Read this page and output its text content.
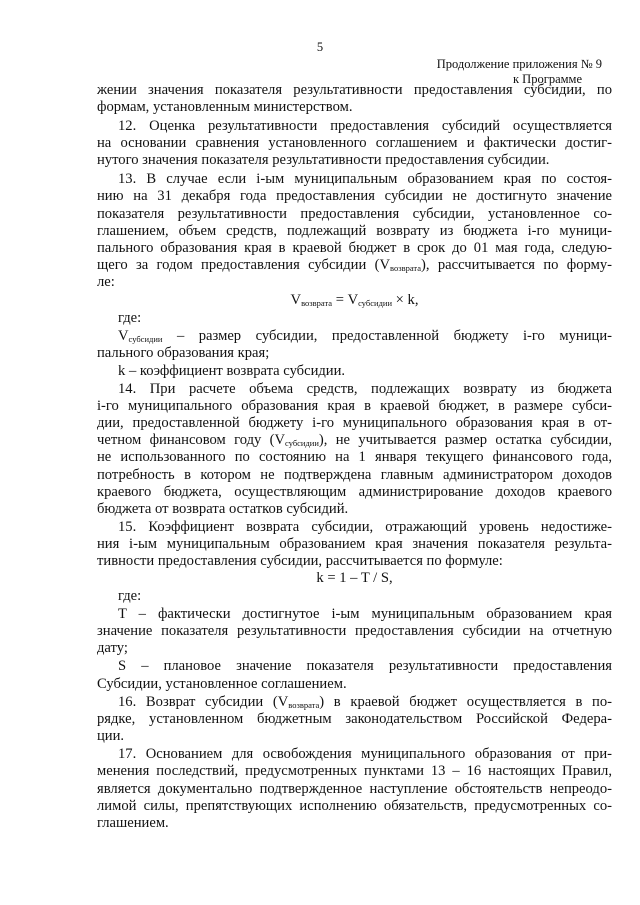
5
Продолжение приложения № 9
к Программе
жении значения показателя результативности предоставления субсидии, по
формам, установленным министерством.
12. Оценка результативности предоставления субсидий осуществляется
на основании сравнения установленного соглашением и фактически достиг-
нутого значения показателя результативности предоставления субсидии.
13. В случае если i-ым муниципальным образованием края по состоя-
нию на 31 декабря года предоставления субсидии не достигнуто значение
показателя результативности предоставления субсидии, установленное со-
глашением, объем средств, подлежащий возврату из бюджета i-го муници-
пального образования края в краевой бюджет в срок до 01 мая года, следую-
щего за годом предоставления субсидии $(V_{возврата})$, рассчитывается по форму-
ле:
$V_{возврата} = V_{субсидии} \times k$,
где:
$V_{субсидии}$ – размер субсидии, предоставленной бюджету i-го муници-
пального образования края;
k – коэффициент возврата субсидии.
14. При расчете объема средств, подлежащих возврату из бюджета
i-го муниципального образования края в краевой бюджет, в размере субси-
дии, предоставленной бюджету i-го муниципального образования края в от-
четном финансовом году $(V_{субсидии})$, не учитывается размер остатка субсидии,
не использованного по состоянию на 1 января текущего финансового года,
потребность в котором не подтверждена главным администратором доходов
краевого бюджета, осуществляющим администрирование доходов краевого
бюджета от возврата остатков субсидий.
15. Коэффициент возврата субсидии, отражающий уровень недостиже-
ния i-ым муниципальным образованием края значения показателя результа-
тивности предоставления субсидии, рассчитывается по формуле:
k = 1 – T / S,
где:
T – фактически достигнутое i-ым муниципальным образованием края
значение показателя результативности предоставления субсидии на отчетную
дату;
S – плановое значение показателя результативности предоставления
Субсидии, установленное соглашением.
16. Возврат субсидии $(V_{возврата})$ в краевой бюджет осуществляется в по-
рядке, установленном бюджетным законодательством Российской Федера-
ции.
17. Основанием для освобождения муниципального образования от при-
менения последствий, предусмотренных пунктами 13 – 16 настоящих Правил,
является документально подтвержденное наступление обстоятельств непреодо-
лимой силы, препятствующих исполнению обязательств, предусмотренных со-
глашением.
